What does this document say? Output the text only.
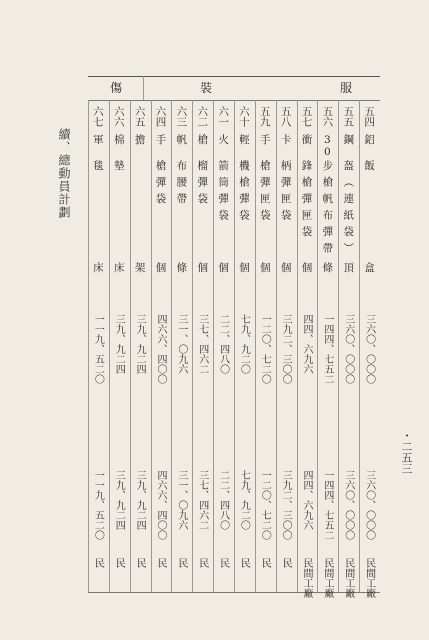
續、總動員計劃
・二五三
傷	裝	服
五四
鋁
飯
盒
三六〇、〇〇〇
三六〇、〇〇〇
民間工廠
五五
鋼
盔（連紙袋）
頂
三六〇、〇〇〇
三六〇、〇〇〇
民間工廠
五六
30
步槍帆布彈帶
條
一四四、七五二
一四四、七五二
民間工廠
五七
衝
鋒槍彈匣袋
個
四四、六九六
四四、六九六
民間工廠
五八
卡
柄彈匣袋
個
三九二、三〇〇
三九二、三〇〇
民
五九
手
槍彈匣袋
個
一二〇、七二〇
一二〇、七二〇
民
六十
輕
機槍彈袋
個
七九、九二〇
七九、九二〇
民
六一
火
箭筒彈袋
個
二二、四八〇
二二、四八〇
民
六二
槍
榴彈袋
個
三七、四六二
三七、四六二
民
六三
帆
布腰帶
條
三一、〇九六
三一、〇九六
民
六四
手
槍彈袋
個
四六六、四〇〇
四六六、四〇〇
民
六五
擔
架
三九、九二四
三九、九二四
民
六六
棉
墊
床
三九、九二四
三九、九二四
民
六七
軍
毯
床
一一九、五二〇
一一九、五二〇
民
